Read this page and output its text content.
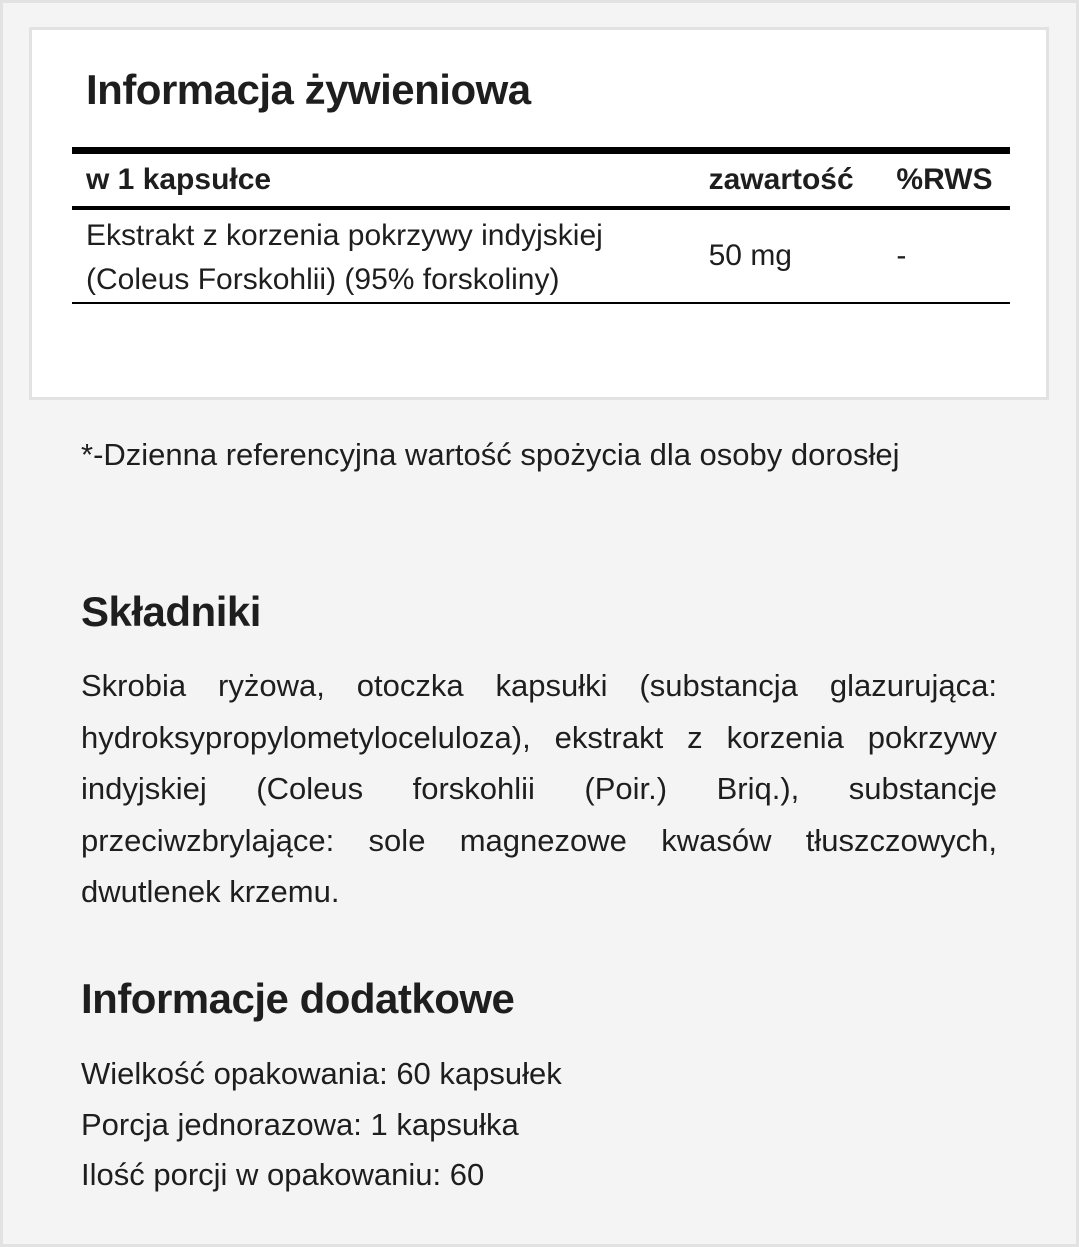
Informacja żywieniowa
w 1 kapsułce	zawartość	%RWS
Ekstrakt z korzenia pokrzywy indyjskiej (Coleus Forskohlii) (95% forskoliny)	50 mg	-

*-Dzienna referencyjna wartość spożycia dla osoby dorosłej

Składniki

Skrobia ryżowa, otoczka kapsułki (substancja glazurująca: hydroksypropylometyloceluloza), ekstrakt z korzenia pokrzywy indyjskiej (Coleus forskohlii (Poir.) Briq.), substancje przeciwzbrylające: sole magnezowe kwasów tłuszczowych, dwutlenek krzemu.

Informacje dodatkowe
Wielkość opakowania: 60 kapsułek
Porcja jednorazowa: 1 kapsułka
Ilość porcji w opakowaniu: 60
